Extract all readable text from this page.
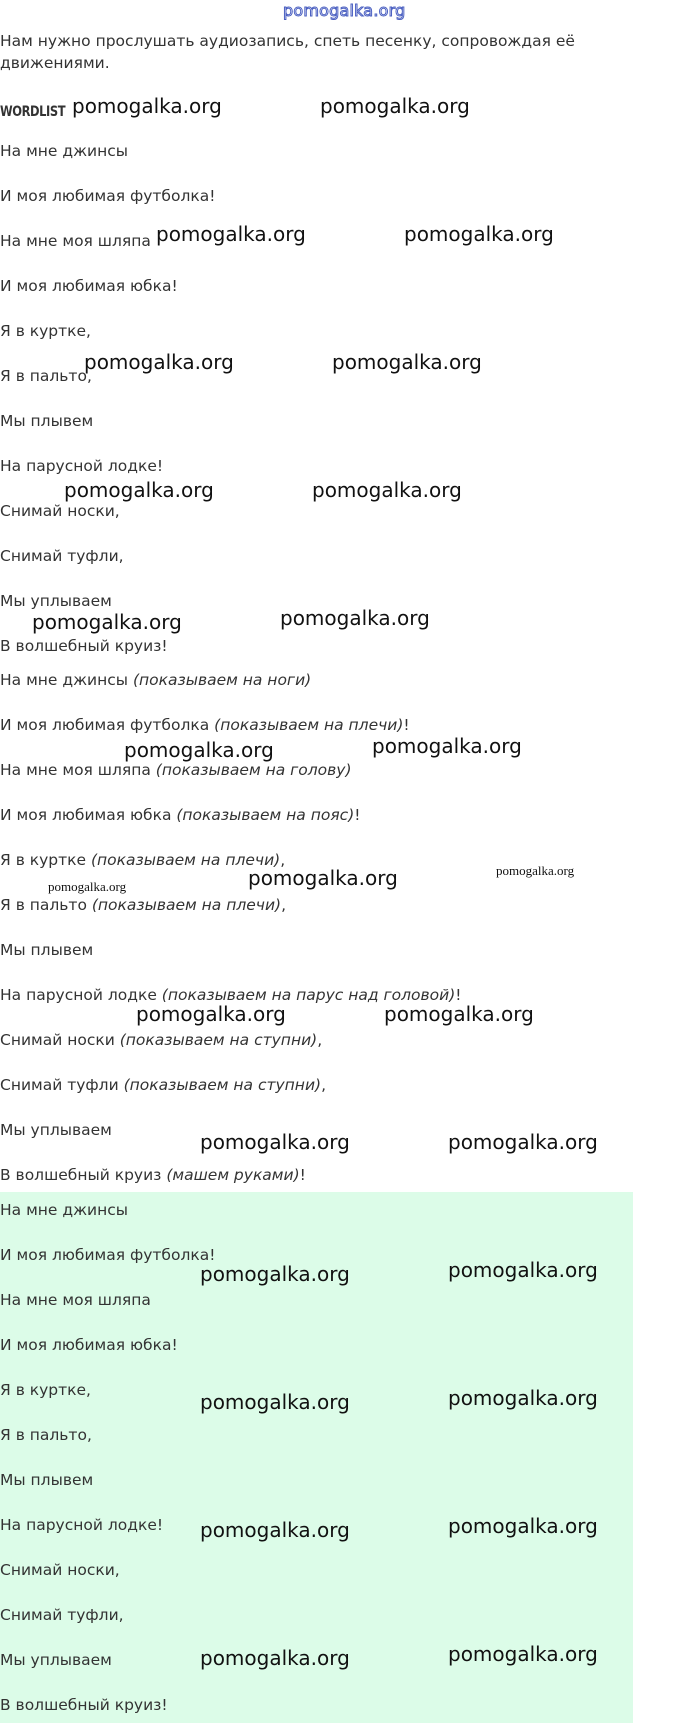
pomogalka.org
Нам нужно прослушать аудиозапись, спеть песенку, сопровождая её движениями.
WORDLIST
На мне джинсы
И моя любимая футболка!
На мне моя шляпа
И моя любимая юбка!
Я в куртке,
Я в пальто,
Мы плывем
На парусной лодке!
Снимай носки,
Снимай туфли,
Мы уплываем
В волшебный круиз!
На мне джинсы (показываем на ноги)
И моя любимая футболка (показываем на плечи)!
На мне моя шляпа (показываем на голову)
И моя любимая юбка (показываем на пояс)!
Я в куртке (показываем на плечи),
Я в пальто (показываем на плечи),
Мы плывем
На парусной лодке (показываем на парус над головой)!
Снимай носки (показываем на ступни),
Снимай туфли (показываем на ступни),
Мы уплываем
В волшебный круиз (машем руками)!
На мне джинсы
И моя любимая футболка!
На мне моя шляпа
И моя любимая юбка!
Я в куртке,
Я в пальто,
Мы плывем
На парусной лодке!
Снимай носки,
Снимай туфли,
Мы уплываем
В волшебный круиз!
pomogalka.org	pomogalka.org
pomogalka.org	pomogalka.org
pomogalka.org	pomogalka.org
pomogalka.org	pomogalka.org
pomogalka.org	pomogalka.org
pomogalka.org	pomogalka.org
pomogalka.org
pomogalka.org
pomogalka.org
pomogalka.org	pomogalka.org
pomogalka.org	pomogalka.org
pomogalka.org	pomogalka.org
pomogalka.org	pomogalka.org
pomogalka.org	pomogalka.org
pomogalka.org	pomogalka.org
